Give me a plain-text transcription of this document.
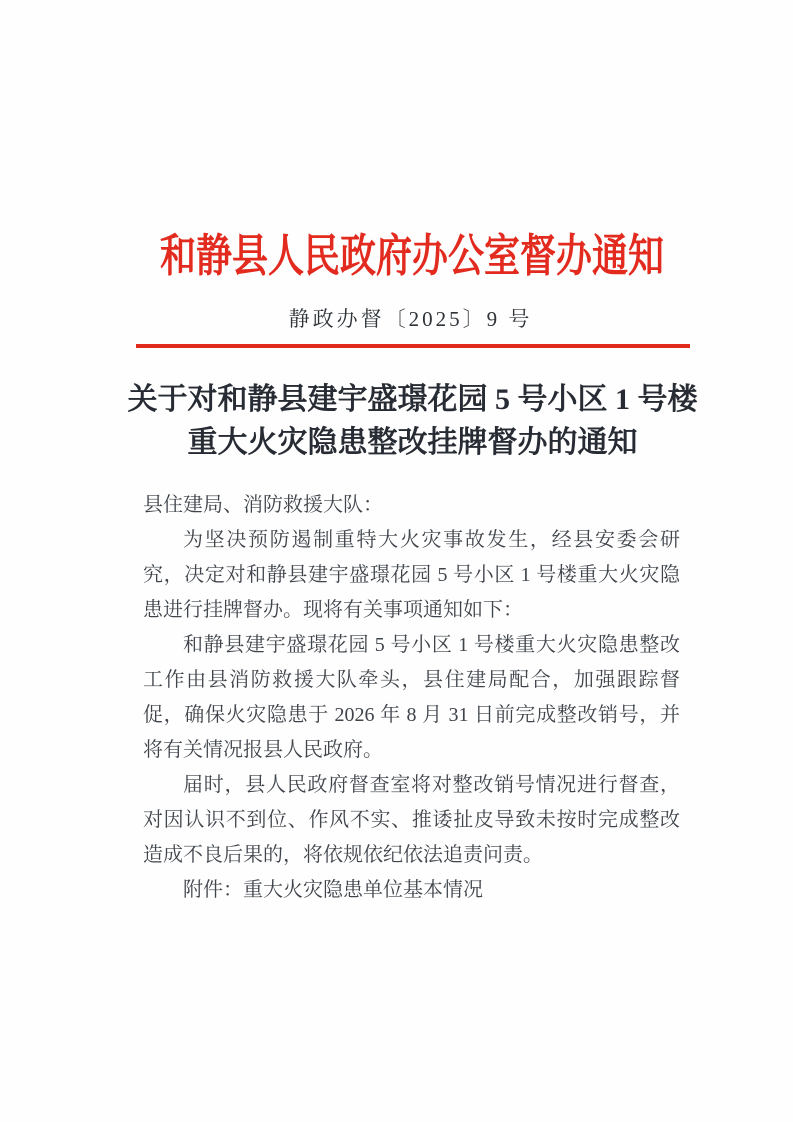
和静县人民政府办公室督办通知
静政办督〔2025〕9 号
关于对和静县建宇盛璟花园 5 号小区 1 号楼
重大火灾隐患整改挂牌督办的通知

县住建局、消防救援大队：

为坚决预防遏制重特大火灾事故发生，经县安委会研究，决定对和静县建宇盛璟花园 5 号小区 1 号楼重大火灾隐患进行挂牌督办。现将有关事项通知如下：

和静县建宇盛璟花园 5 号小区 1 号楼重大火灾隐患整改工作由县消防救援大队牵头，县住建局配合，加强跟踪督促，确保火灾隐患于 2026 年 8 月 31 日前完成整改销号，并将有关情况报县人民政府。

届时，县人民政府督查室将对整改销号情况进行督查，对因认识不到位、作风不实、推诿扯皮导致未按时完成整改造成不良后果的，将依规依纪依法追责问责。

附件：重大火灾隐患单位基本情况
